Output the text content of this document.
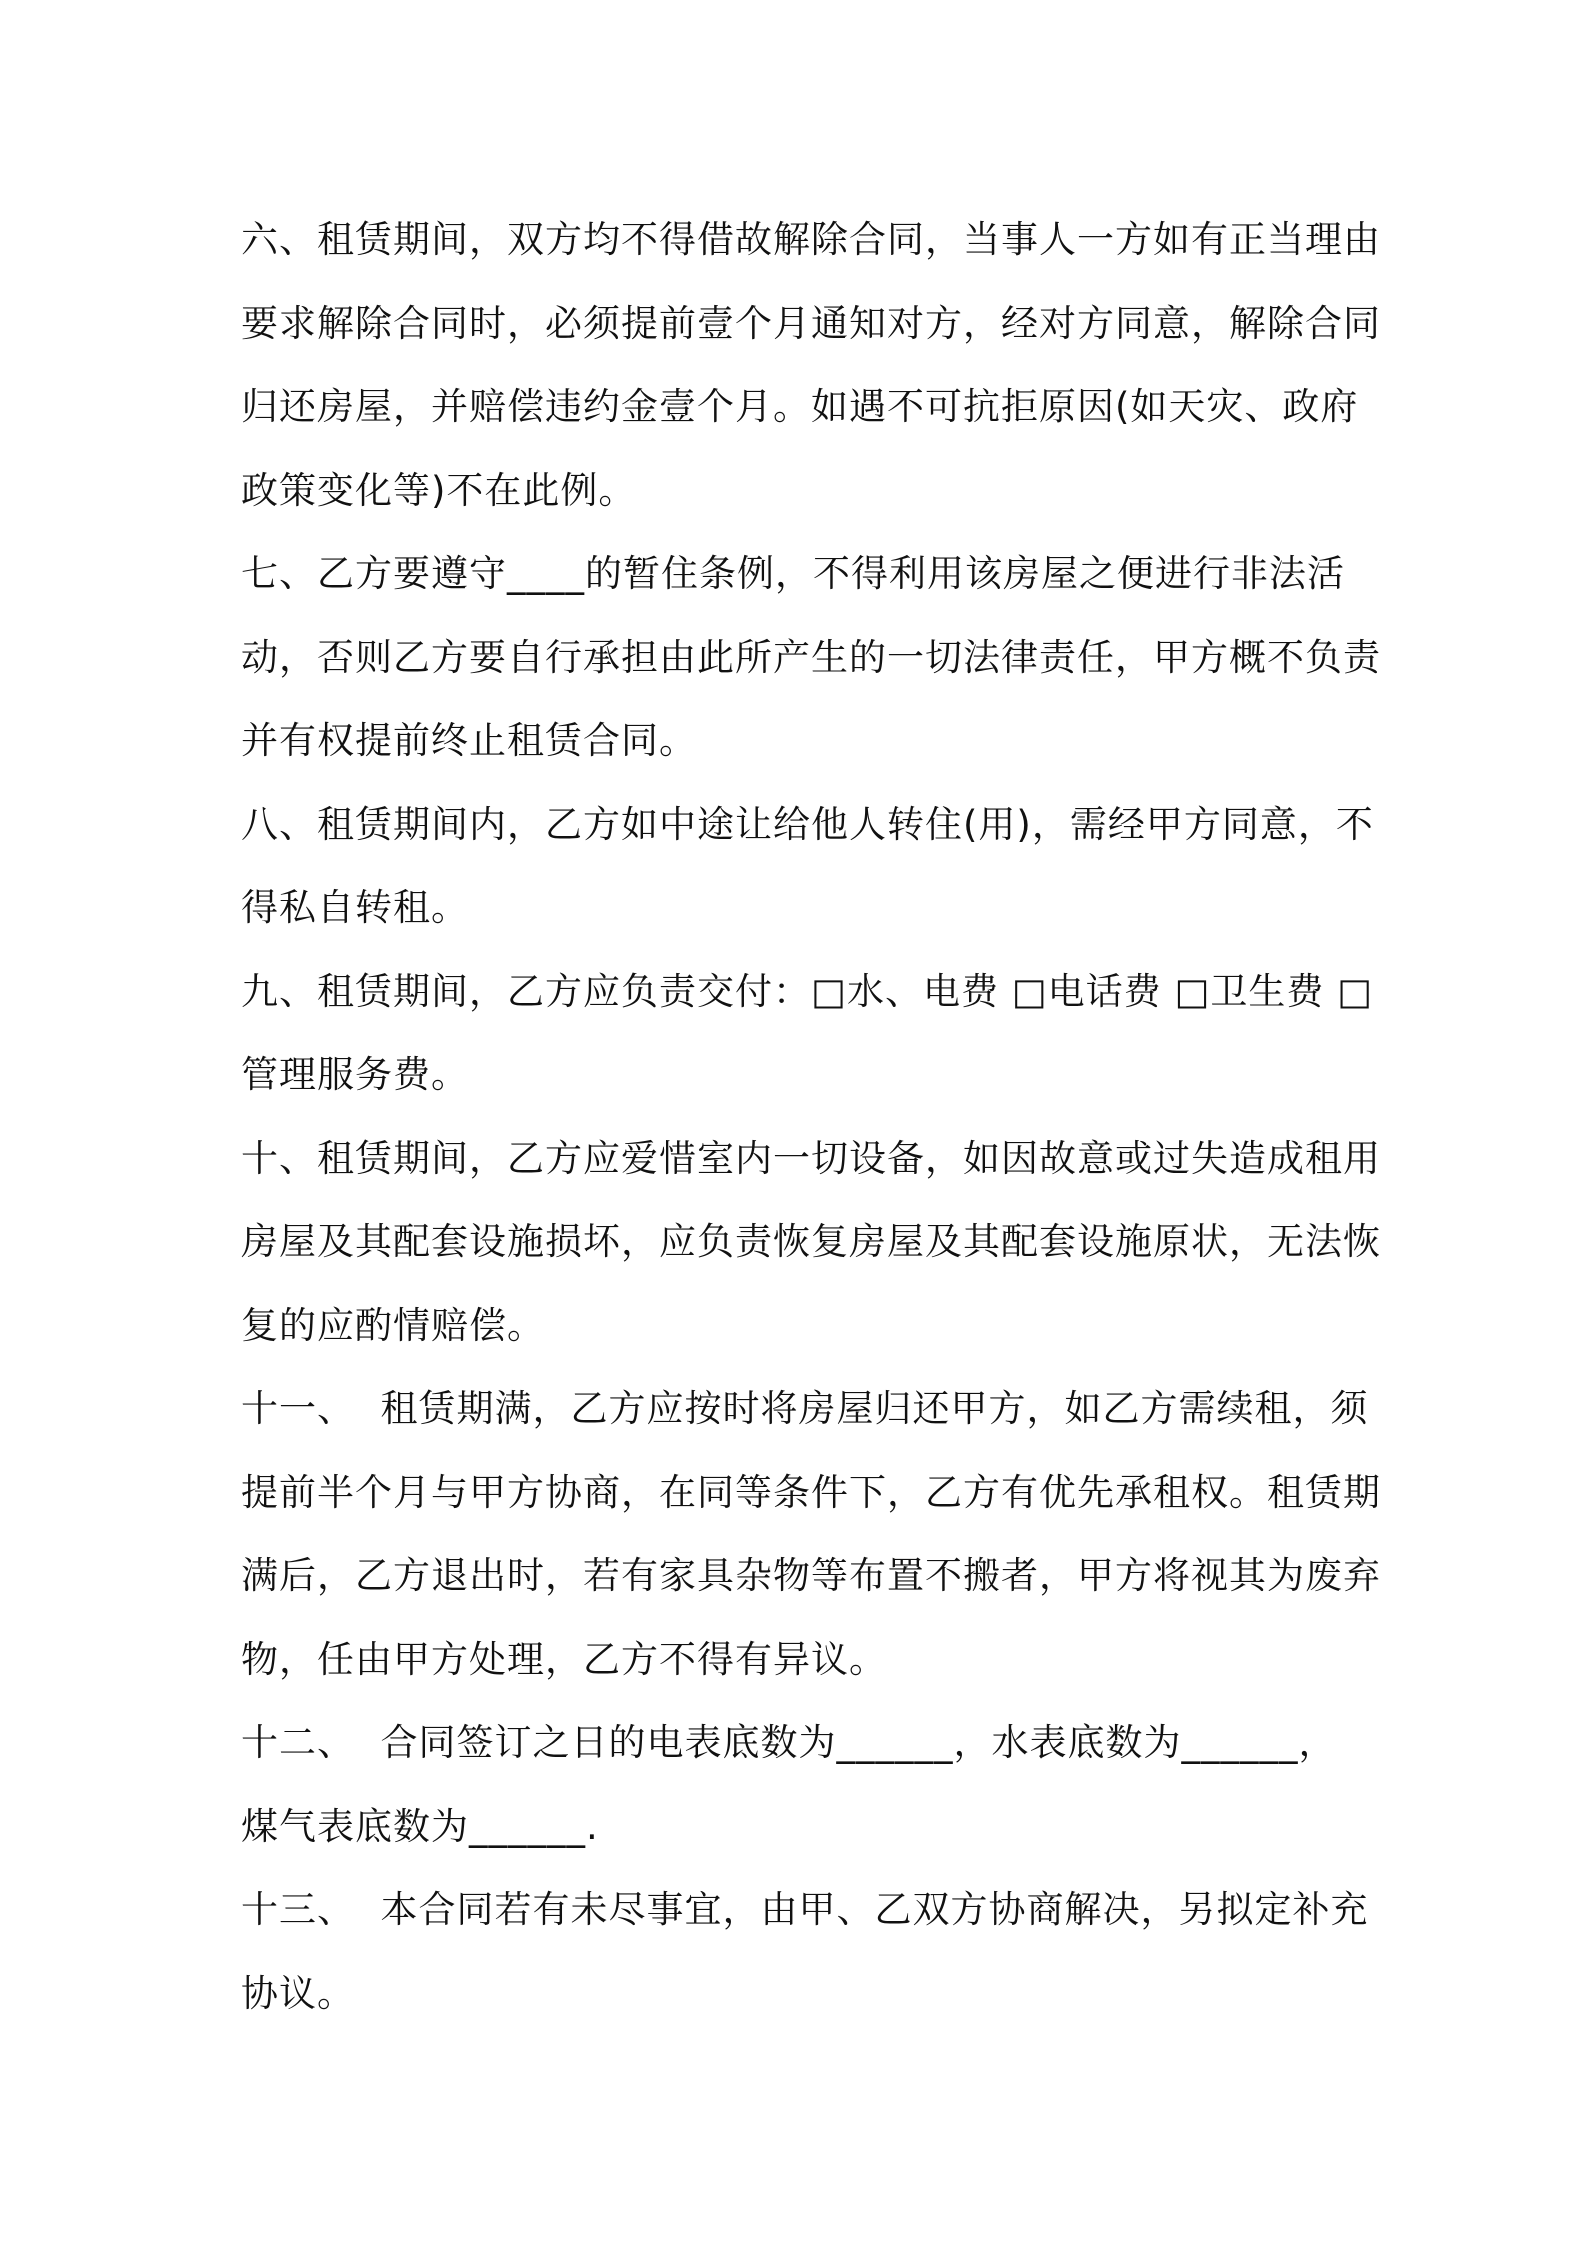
六、租赁期间，双方均不得借故解除合同，当事人一方如有正当理由
要求解除合同时，必须提前壹个月通知对方，经对方同意，解除合同
归还房屋，并赔偿违约金壹个月。如遇不可抗拒原因(如天灾、政府
政策变化等)不在此例。
七、乙方要遵守____的暂住条例，不得利用该房屋之便进行非法活
动，否则乙方要自行承担由此所产生的一切法律责任，甲方概不负责
并有权提前终止租赁合同。
八、租赁期间内，乙方如中途让给他人转住(用)，需经甲方同意，不
得私自转租。
九、租赁期间，乙方应负责交付：□水、电费 □电话费 □卫生费 □
管理服务费。
十、租赁期间，乙方应爱惜室内一切设备，如因故意或过失造成租用
房屋及其配套设施损坏，应负责恢复房屋及其配套设施原状，无法恢
复的应酌情赔偿。
十一、  租赁期满，乙方应按时将房屋归还甲方，如乙方需续租，须
提前半个月与甲方协商，在同等条件下，乙方有优先承租权。租赁期
满后，乙方退出时，若有家具杂物等布置不搬者，甲方将视其为废弃
物，任由甲方处理，乙方不得有异议。
十二、  合同签订之日的电表底数为______，水表底数为______，
煤气表底数为______.
十三、  本合同若有未尽事宜，由甲、乙双方协商解决，另拟定补充
协议。
